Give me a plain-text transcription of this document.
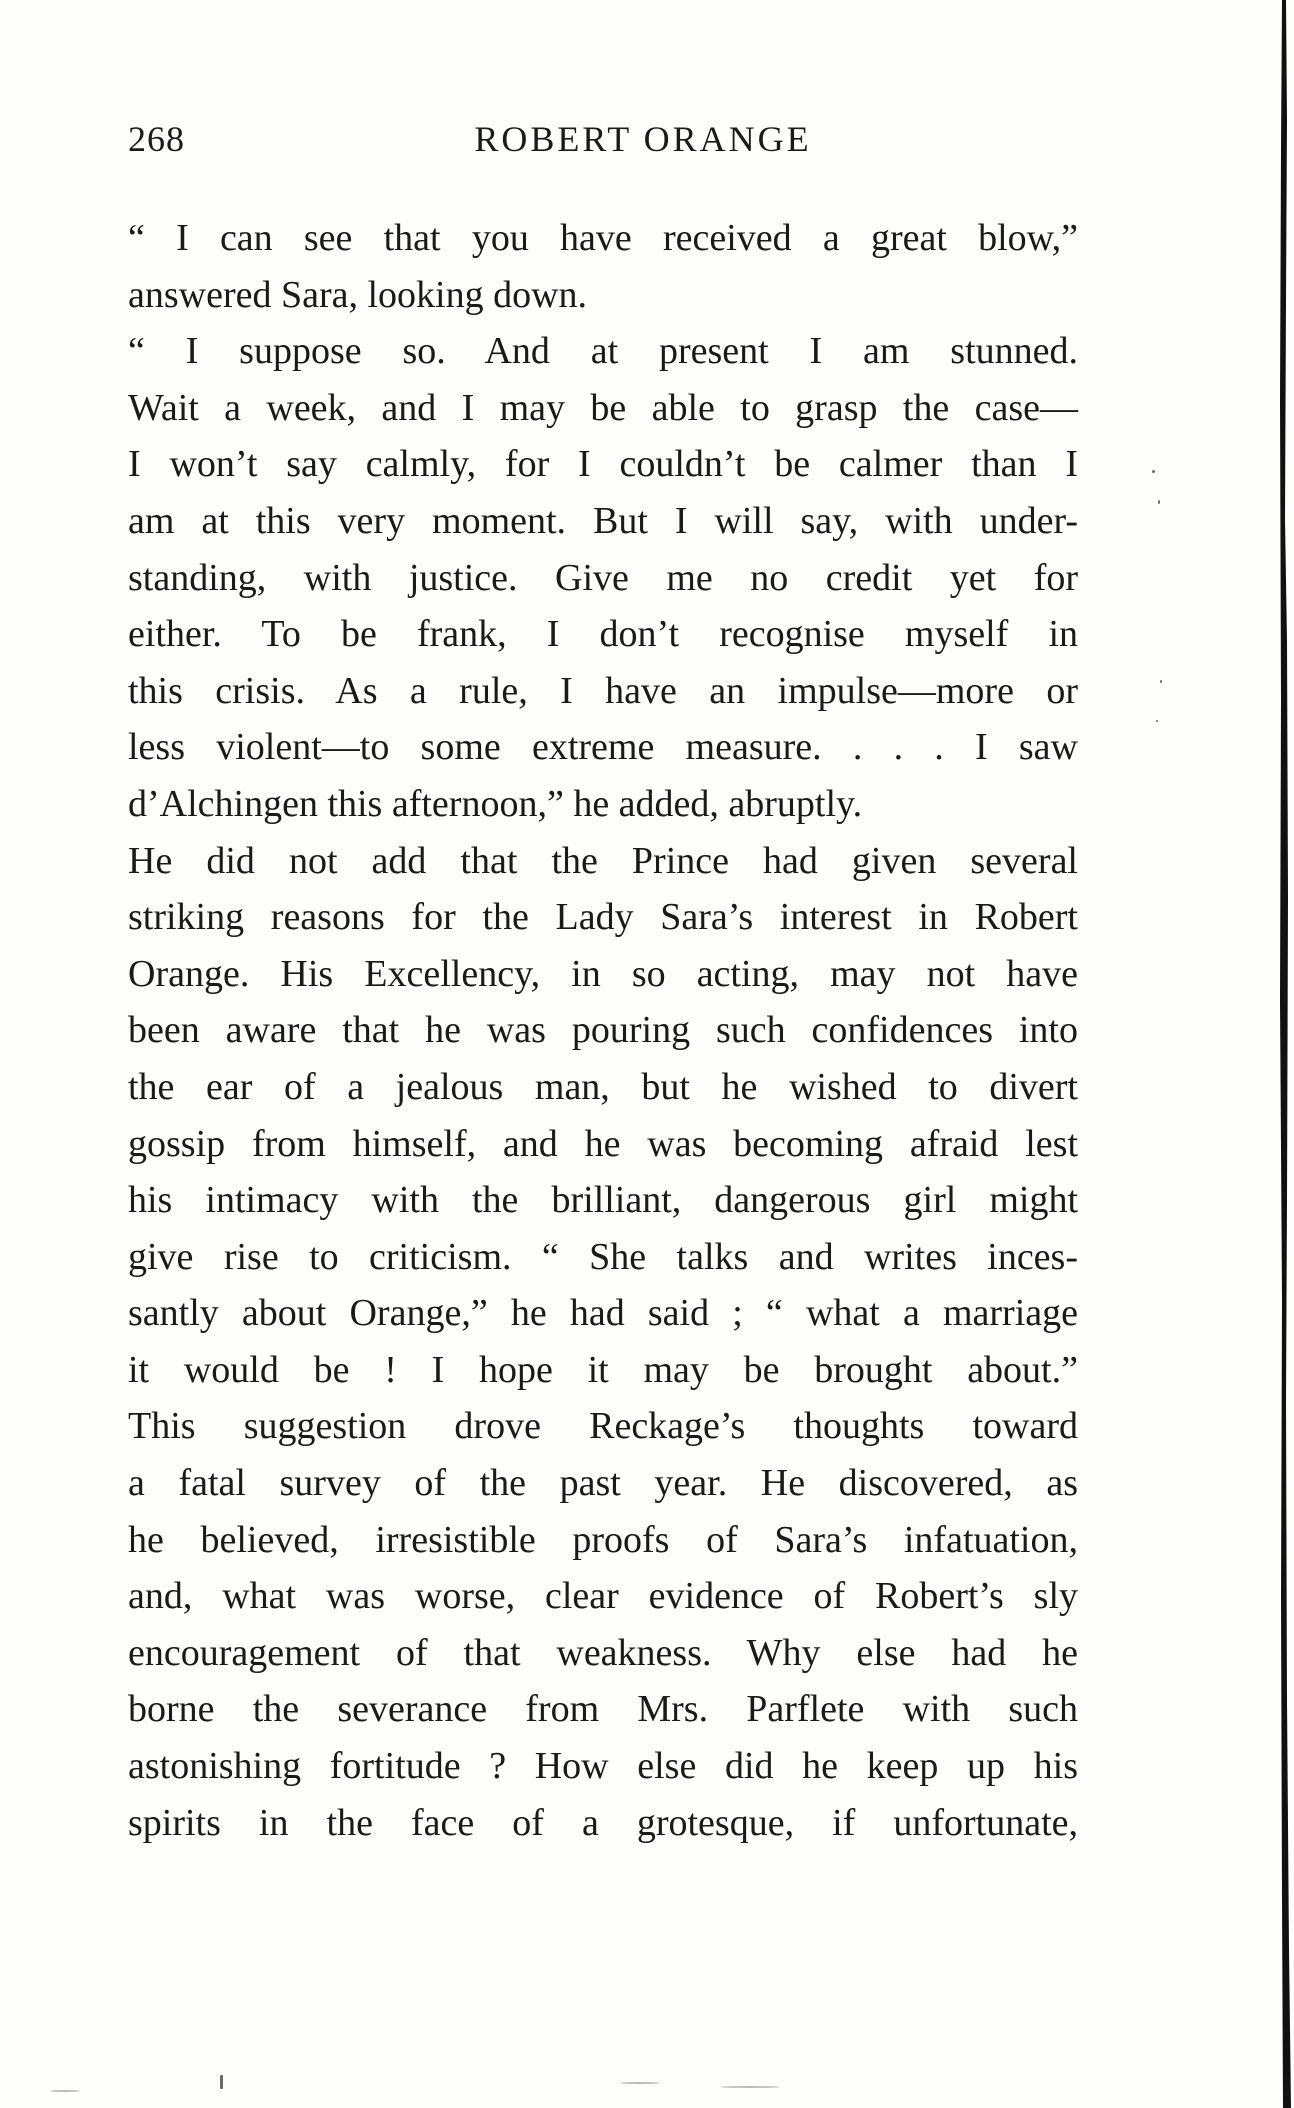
268	ROBERT ORANGE
“ I can see that you have received a great blow,”
answered Sara, looking down.
“ I suppose so. And at present I am stunned.
Wait a week, and I may be able to grasp the case—
I won’t say calmly, for I couldn’t be calmer than I
am at this very moment. But I will say, with under-
standing, with justice. Give me no credit yet for
either. To be frank, I don’t recognise myself in
this crisis. As a rule, I have an impulse—more or
less violent—to some extreme measure. . . . I saw
d’Alchingen this afternoon,” he added, abruptly.
He did not add that the Prince had given several
striking reasons for the Lady Sara’s interest in Robert
Orange. His Excellency, in so acting, may not have
been aware that he was pouring such confidences into
the ear of a jealous man, but he wished to divert
gossip from himself, and he was becoming afraid lest
his intimacy with the brilliant, dangerous girl might
give rise to criticism. “ She talks and writes inces-
santly about Orange,” he had said ; “ what a marriage
it would be ! I hope it may be brought about.”
This suggestion drove Reckage’s thoughts toward
a fatal survey of the past year. He discovered, as
he believed, irresistible proofs of Sara’s infatuation,
and, what was worse, clear evidence of Robert’s sly
encouragement of that weakness. Why else had he
borne the severance from Mrs. Parflete with such
astonishing fortitude ? How else did he keep up his
spirits in the face of a grotesque, if unfortunate,
